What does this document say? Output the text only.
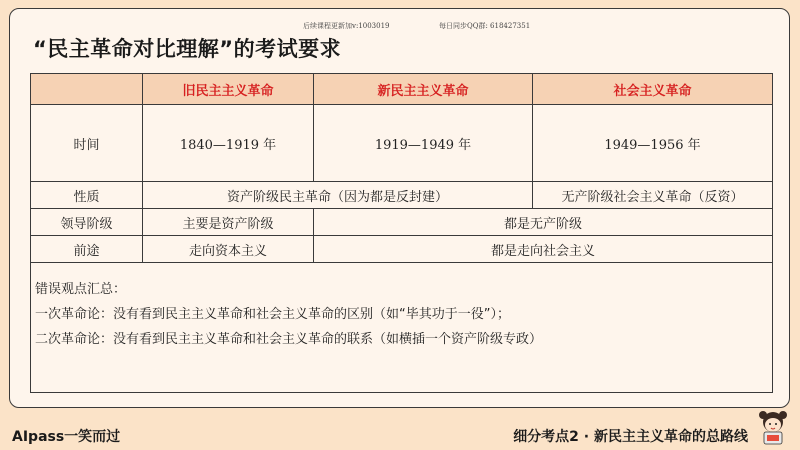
后续课程更新加v:1003019	每日同步QQ群: 618427351
“民主革命对比理解”的考试要求
	旧民主主义革命	新民主主义革命	社会主义革命
时间	1840—1919 年	1919—1949 年	1949—1956 年
性质	资产阶级民主革命（因为都是反封建）		无产阶级社会主义革命（反资）
领导阶级	主要是资产阶级	都是无产阶级	
前途	走向资本主义	都是走向社会主义	

错误观点汇总：
一次革命论：没有看到民主主义革命和社会主义革命的区别（如“毕其功于一役”）；
二次革命论：没有看到民主主义革命和社会主义革命的联系（如横插一个资产阶级专政）			
AIpass一笑而过	细分考点2 · 新民主主义革命的总路线
